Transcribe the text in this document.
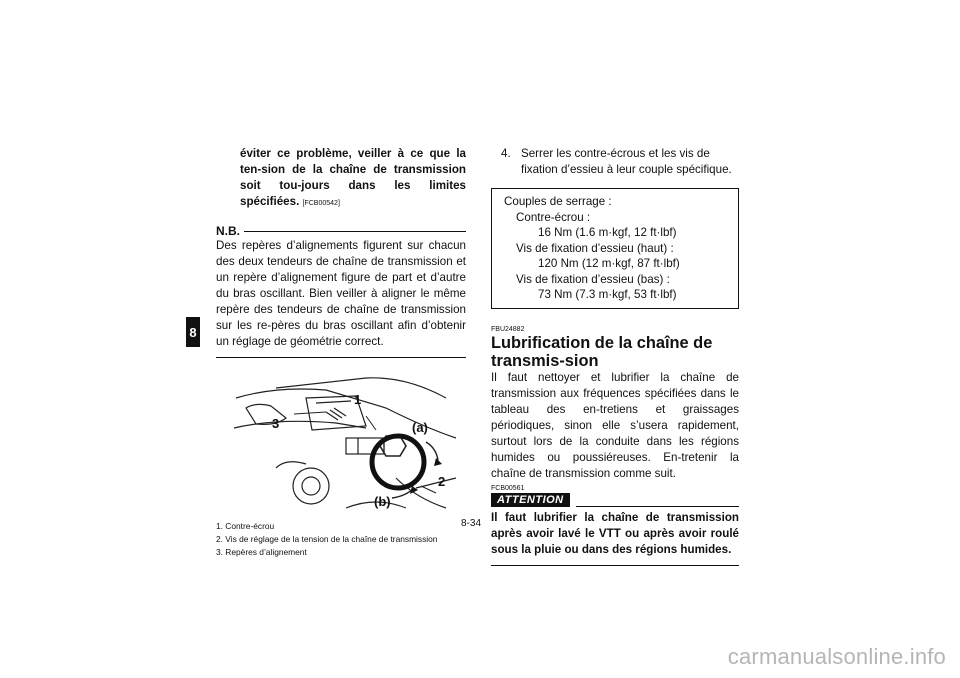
8
éviter ce problème, veiller à ce que la ten-sion de la chaîne de transmission soit tou-jours dans les limites spécifiées. [FCB00542]
N.B.
Des repères d’alignements figurent sur chacun des deux tendeurs de chaîne de transmission et un repère d’alignement figure de part et d’autre du bras oscillant. Bien veiller à aligner le même repère des tendeurs de chaîne de transmission sur les re-pères du bras oscillant afin d’obtenir un réglage de géométrie correct.
1
2
3	(a)
(b)
1. Contre-écrou
2. Vis de réglage de la tension de la chaîne de transmission
3. Repères d’alignement
4. Serrer les contre-écrous et les vis de fixation d’essieu à leur couple spécifique.
Couples de serrage :
Contre-écrou :
16 Nm (1.6 m·kgf, 12 ft·lbf)
Vis de fixation d’essieu (haut) :
120 Nm (12 m·kgf, 87 ft·lbf)
Vis de fixation d’essieu (bas) :
73 Nm (7.3 m·kgf, 53 ft·lbf)
FBU24882
Lubrification de la chaîne de transmis-sion
Il faut nettoyer et lubrifier la chaîne de transmission aux fréquences spécifiées dans le tableau des en-tretiens et graissages périodiques, sinon elle s’usera rapidement, surtout lors de la conduite dans les régions humides ou poussiéreuses. En-tretenir la chaîne de transmission comme suit.
FCB00561
ATTENTION
Il faut lubrifier la chaîne de transmission après avoir lavé le VTT ou après avoir roulé sous la pluie ou dans des régions humides.
8-34
carmanualsonline.info
